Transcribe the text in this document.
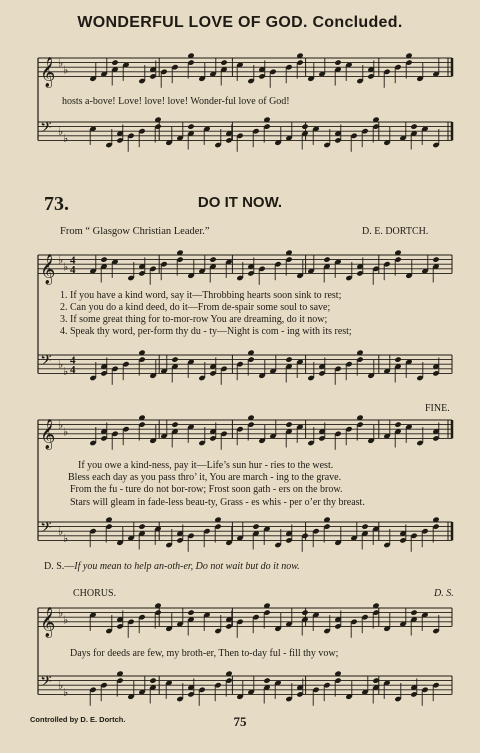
WONDERFUL LOVE OF GOD. Concluded.
𝄞
𝄢
♭
♭
♭
♭
𝄞
𝄢
♭
♭
♭
♭
4
4
4
4
𝄞
𝄢
♭
♭
♭
♭
𝄞
𝄢
♭
♭
♭
♭
hosts a-bove! Love! love! love! Wonder-ful love of God!
73.	DO IT NOW.
From “ Glasgow Christian Leader.”	D. E. DORTCH.
1. If you have a kind word, say it—Throbbing hearts soon sink to rest;
2. Can you do a kind deed, do it—From de-spair some soul to save;
3. If some great thing for to-mor-row You are dreaming, do it now;
4. Speak thy word, per-form thy du - ty—Night is com - ing with its rest;
FINE.
If you owe a kind-ness, pay it—Life’s sun hur - ries to the west.
Bless each day as you pass thro’ it, You are march - ing to the grave.
From the fu - ture do not bor-row; Frost soon gath - ers on the brow.
Stars will gleam in fade-less beau-ty, Grass - es whis - per o’er thy breast.
D. S.—If you mean to help an-oth-er, Do not wait but do it now.
CHORUS.	D. S.
Days for deeds are few, my broth-er, Then to-day ful - fill thy vow;
Controlled by D. E. Dortch.	75
